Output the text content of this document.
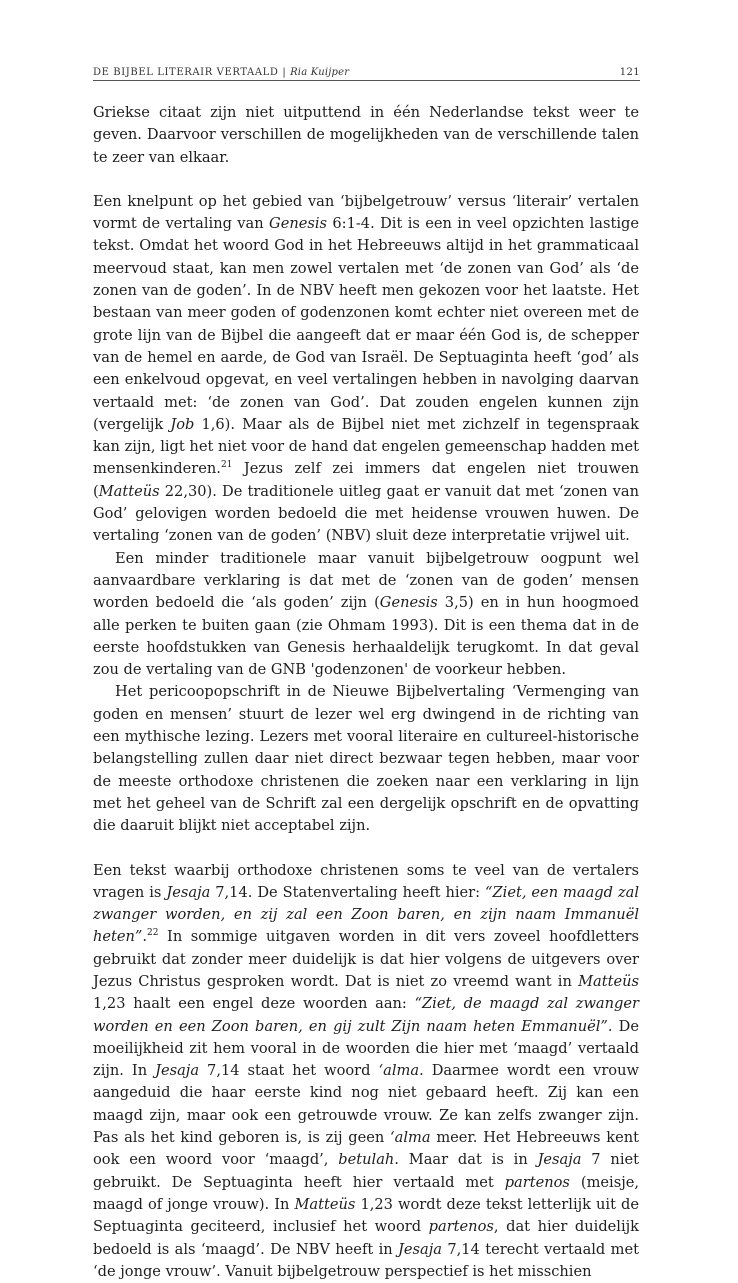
DE BIJBEL LITERAIR VERTAALD | Ria Kuijper	121

Griekse citaat zijn niet uitputtend in één Nederlandse tekst weer te geven. Daarvoor verschillen de mogelijkheden van de verschillende talen te zeer van elkaar.

Een knelpunt op het gebied van ‘bijbelgetrouw’ versus ‘literair’ vertalen vormt de vertaling van Genesis 6:1-4. Dit is een in veel opzichten lastige tekst. Omdat het woord God in het Hebreeuws altijd in het grammaticaal meervoud staat, kan men zowel vertalen met ‘de zonen van God’ als ‘de zonen van de goden’. In de NBV heeft men gekozen voor het laatste. Het bestaan van meer goden of godenzonen komt echter niet overeen met de grote lijn van de Bijbel die aangeeft dat er maar één God is, de schepper van de hemel en aarde, de God van Israël. De Septuaginta heeft ‘god’ als een enkelvoud opgevat, en veel vertalingen hebben in navolging daarvan vertaald met: ‘de zonen van God’. Dat zouden engelen kunnen zijn (vergelijk Job 1,6). Maar als de Bijbel niet met zichzelf in tegenspraak kan zijn, ligt het niet voor de hand dat engelen gemeenschap hadden met mensenkinderen.$^{21}$ Jezus zelf zei immers dat engelen niet trouwen (Matteüs 22,30). De traditionele uitleg gaat er vanuit dat met ‘zonen van God’ gelovigen worden bedoeld die met heidense vrouwen huwen. De vertaling ‘zonen van de goden’ (NBV) sluit deze interpretatie vrijwel uit.

Een minder traditionele maar vanuit bijbelgetrouw oogpunt wel aanvaardbare verklaring is dat met de ‘zonen van de goden’ mensen worden bedoeld die ‘als goden’ zijn (Genesis 3,5) en in hun hoogmoed alle perken te buiten gaan (zie Ohmam 1993). Dit is een thema dat in de eerste hoofdstukken van Genesis herhaaldelijk terugkomt. In dat geval zou de vertaling van de GNB 'godenzonen' de voorkeur hebben.

Het pericoopopschrift in de Nieuwe Bijbelvertaling ‘Vermenging van goden en mensen’ stuurt de lezer wel erg dwingend in de richting van een mythische lezing. Lezers met vooral literaire en cultureel-historische belangstelling zullen daar niet direct bezwaar tegen hebben, maar voor de meeste orthodoxe christenen die zoeken naar een verklaring in lijn met het geheel van de Schrift zal een dergelijk opschrift en de opvatting die daaruit blijkt niet acceptabel zijn.

Een tekst waarbij orthodoxe christenen soms te veel van de vertalers vragen is Jesaja 7,14. De Statenvertaling heeft hier: “Ziet, een maagd zal zwanger worden, en zij zal een Zoon baren, en zijn naam Immanuël heten”.$^{22}$ In sommige uitgaven worden in dit vers zoveel hoofdletters gebruikt dat zonder meer duidelijk is dat hier volgens de uitgevers over Jezus Christus gesproken wordt. Dat is niet zo vreemd want in Matteüs 1,23 haalt een engel deze woorden aan: “Ziet, de maagd zal zwanger worden en een Zoon baren, en gij zult Zijn naam heten Emmanuël”. De moeilijkheid zit hem vooral in de woorden die hier met ‘maagd’ vertaald zijn. In Jesaja 7,14 staat het woord ‘alma. Daarmee wordt een vrouw aangeduid die haar eerste kind nog niet gebaard heeft. Zij kan een maagd zijn, maar ook een getrouwde vrouw. Ze kan zelfs zwanger zijn. Pas als het kind geboren is, is zij geen ‘alma meer. Het Hebreeuws kent ook een woord voor ‘maagd’, betulah. Maar dat is in Jesaja 7 niet gebruikt. De Septuaginta heeft hier vertaald met partenos (meisje, maagd of jonge vrouw). In Matteüs 1,23 wordt deze tekst letterlijk uit de Septuaginta geciteerd, inclusief het woord partenos, dat hier duidelijk bedoeld is als ‘maagd’. De NBV heeft in Jesaja 7,14 terecht vertaald met ‘de jonge vrouw’. Vanuit bijbelgetrouw perspectief is het misschien
